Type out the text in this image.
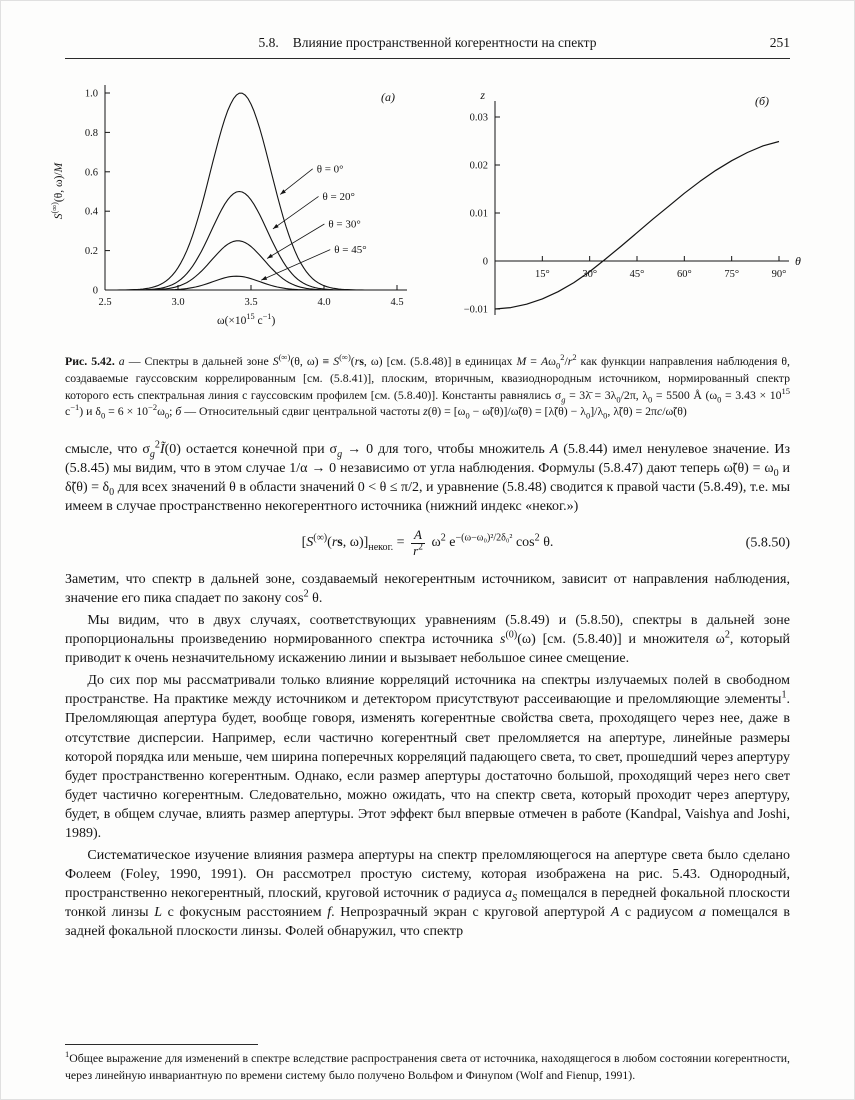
5.8. Влияние пространственной когерентности на спектр	251
0
0.2
0.4
0.6
0.8
1.0
2.5	3.0	3.5	4.0	4.5
θ = 0°
θ = 20°
θ = 30°
θ = 45°
S(∞)(θ, ω)/M
$\omega(\times 10^{15}$ $с^{-1}$)
(а)
0.03
0.02
0.01
0
−0.01
15°	30°	45°	60°	75°	90°
z
θ
(б)
Рис. 5.42. а — Спектры в дальней зоне S(∞)(θ, ω) ≡ S(∞)(rs, ω) [см. (5.8.48)] в единицах $M = A\omega_0^2/r^2$ как функции направления наблюдения θ, создаваемые гауссовским коррелированным [см. (5.8.41)], плоским, вторичным, квазиоднородным источником, нормированный спектр которого есть спектральная линия с гауссовским профилем [см. (5.8.40)]. Константы равнялись $\sigma_g$ = 3λ̄ = $3\lambda_0/2\pi$, $\lambda_0 = 5500$ Å ($\omega_0 = 3.43 \times 10^{15}$ $с^{-1}$) и $\delta_0 = 6 \times 10^{-2}\omega_0$; б — Относительный сдвиг центральной частоты $z(\theta) = [\omega_0$ − ω̃(θ)]/ω̃(θ) = [λ̃(θ) − $\lambda_0]/\lambda_0$, λ̃(θ) = 2πc/ω̃(θ)

смысле, что $\sigma_g^2Ĩ(0)$ остается конечной при $\sigma_g \to 0$ для того, чтобы множитель A (5.8.44) имел ненулевое значение. Из (5.8.45) мы видим, что в этом случае 1/α → 0 независимо от угла наблюдения. Формулы (5.8.47) дают теперь ω̃(θ) = $\omega_0$ и δ̃(θ) = $\delta_0$ для всех значений θ в области значений 0 < θ ≤ π/2, и уравнение (5.8.48) сводится к правой части (5.8.49), т.е. мы имеем в случае пространственно некогерентного источника (нижний индекс «неког.»)

[S(∞)(rs, $\omega)]_{неког.} = \frac{A}{r^2} \omega^2$ $e^{-(\omega-\omega_0)^2/2\delta_0^2}$ $\cos^2 \theta$.	(5.8.50)

Заметим, что спектр в дальней зоне, создаваемый некогерентным источником, зависит от направления наблюдения, значение его пика спадает по закону $\cos^2 \theta$.

Мы видим, что в двух случаях, соответствующих уравнениям (5.8.49) и (5.8.50), спектры в дальней зоне пропорциональны произведению нормированного спектра источника $s^{(0)}(\omega)$ [см. (5.8.40)] и множителя $\omega^2$, который приводит к очень незначительному искажению линии и вызывает небольшое синее смещение.

До сих пор мы рассматривали только влияние корреляций источника на спектры излучаемых полей в свободном пространстве. На практике между источником и детектором присутствуют рассеивающие и преломляющие элементы$^1$. Преломляющая апертура будет, вообще говоря, изменять когерентные свойства света, проходящего через нее, даже в отсутствие дисперсии. Например, если частично когерентный свет преломляется на апертуре, линейные размеры которой порядка или меньше, чем ширина поперечных корреляций падающего света, то свет, прошедший через апертуру будет пространственно когерентным. Однако, если размер апертуры достаточно большой, проходящий через него свет будет частично когерентным. Следовательно, можно ожидать, что на спектр света, который проходит через апертуру, будет, в общем случае, влиять размер апертуры. Этот эффект был впервые отмечен в работе (Kandpal, Vaishya and Joshi, 1989).

Систематическое изучение влияния размера апертуры на спектр преломляющегося на апертуре света было сделано Фолеем (Foley, 1990, 1991). Он рассмотрел простую систему, которая изображена на рис. 5.43. Однородный, пространственно некогерентный, плоский, круговой источник σ радиуса $a_S$ помещался в передней фокальной плоскости тонкой линзы L с фокусным расстоянием f. Непрозрачный экран с круговой апертурой A с радиусом a помещался в задней фокальной плоскости линзы. Фолей обнаружил, что спектр

$^1$Общее выражение для изменений в спектре вследствие распространения света от источника, находящегося в любом состоянии когерентности, через линейную инвариантную по времени систему было получено Вольфом и Финупом (Wolf and Fienup, 1991).
